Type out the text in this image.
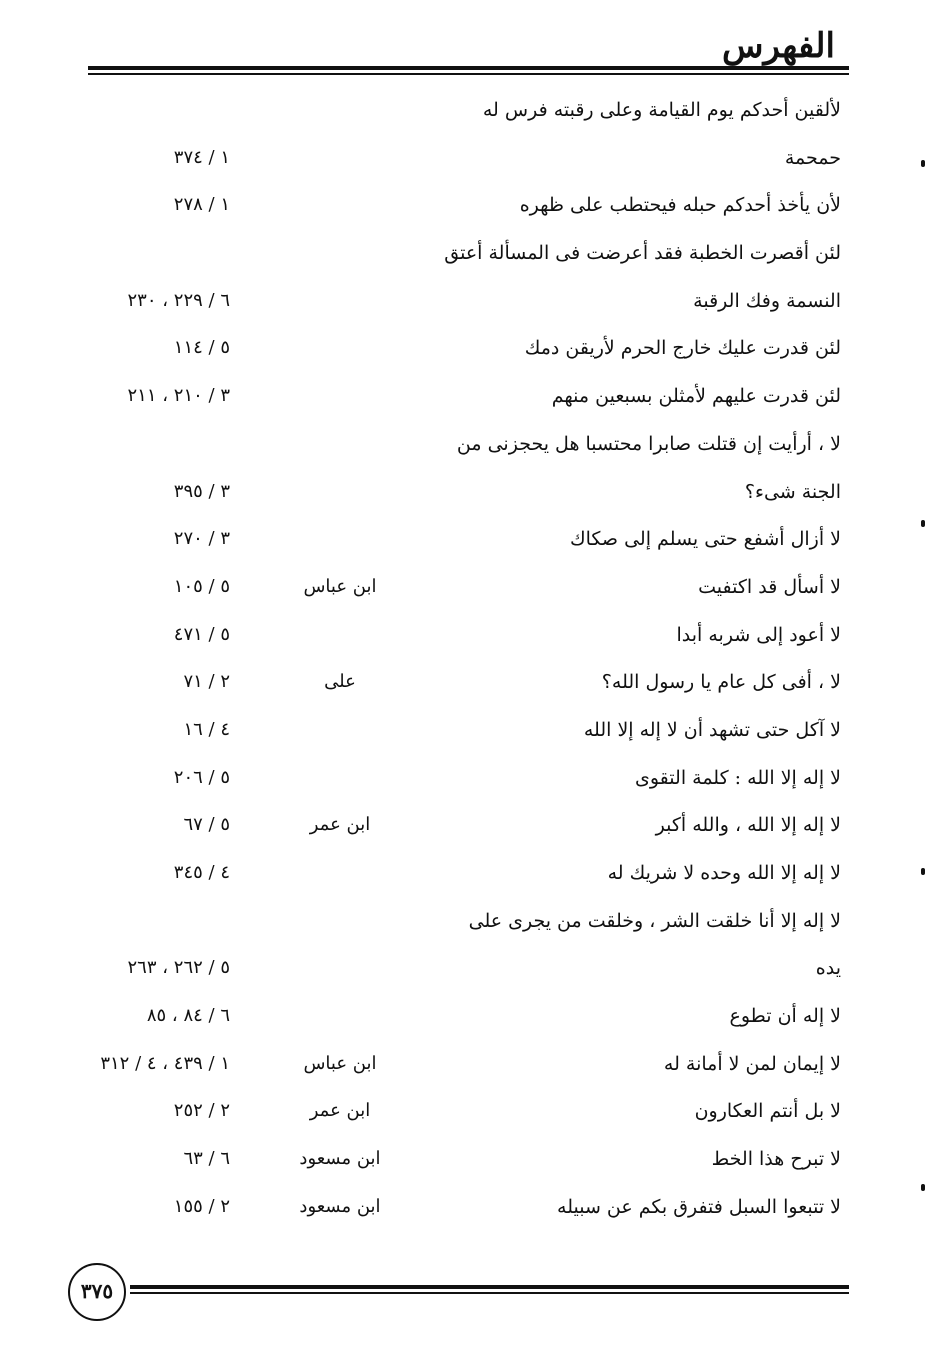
الفهرس
لألقين أحدكم يوم القيامة وعلى رقبته فرس له
حمحمة
١ / ٣٧٤
لأن يأخذ أحدكم حبله فيحتطب على ظهره
١ / ٢٧٨
لئن أقصرت الخطبة فقد أعرضت فى المسألة أعتق
النسمة وفك الرقبة
٦ / ٢٢٩ ، ٢٣٠
لئن قدرت عليك خارج الحرم لأريقن دمك
٥ / ١١٤
لئن قدرت عليهم لأمثلن بسبعين منهم
٣ / ٢١٠ ، ٢١١
لا ، أرأيت إن قتلت صابرا محتسبا هل يحجزنى من
الجنة شىء؟
٣ / ٣٩٥
لا أزال أشفع حتى يسلم إلى صكاك
٣ / ٢٧٠
لا أسأل قد اكتفيت
ابن عباس
٥ / ١٠٥
لا أعود إلى شربه أبدا
٥ / ٤٧١
لا ، أفى كل عام يا رسول الله؟
على
٢ / ٧١
لا آكل حتى تشهد أن لا إله إلا الله
٤ / ١٦
لا إله إلا الله : كلمة التقوى
٥ / ٢٠٦
لا إله إلا الله ، والله أكبر
ابن عمر
٥ / ٦٧
لا إله إلا الله وحده لا شريك له
٤ / ٣٤٥
لا إله إلا أنا خلقت الشر ، وخلقت من يجرى على
يده
٥ / ٢٦٢ ، ٢٦٣
لا إله أن تطوع
٦ / ٨٤ ، ٨٥
لا إيمان لمن لا أمانة له
ابن عباس
١ / ٤٣٩ ، ٤ / ٣١٢
لا بل أنتم العكارون
ابن عمر
٢ / ٢٥٢
لا تبرح هذا الخط
ابن مسعود
٦ / ٦٣
لا تتبعوا السبل فتفرق بكم عن سبيله
ابن مسعود
٢ / ١٥٥
٣٧٥
